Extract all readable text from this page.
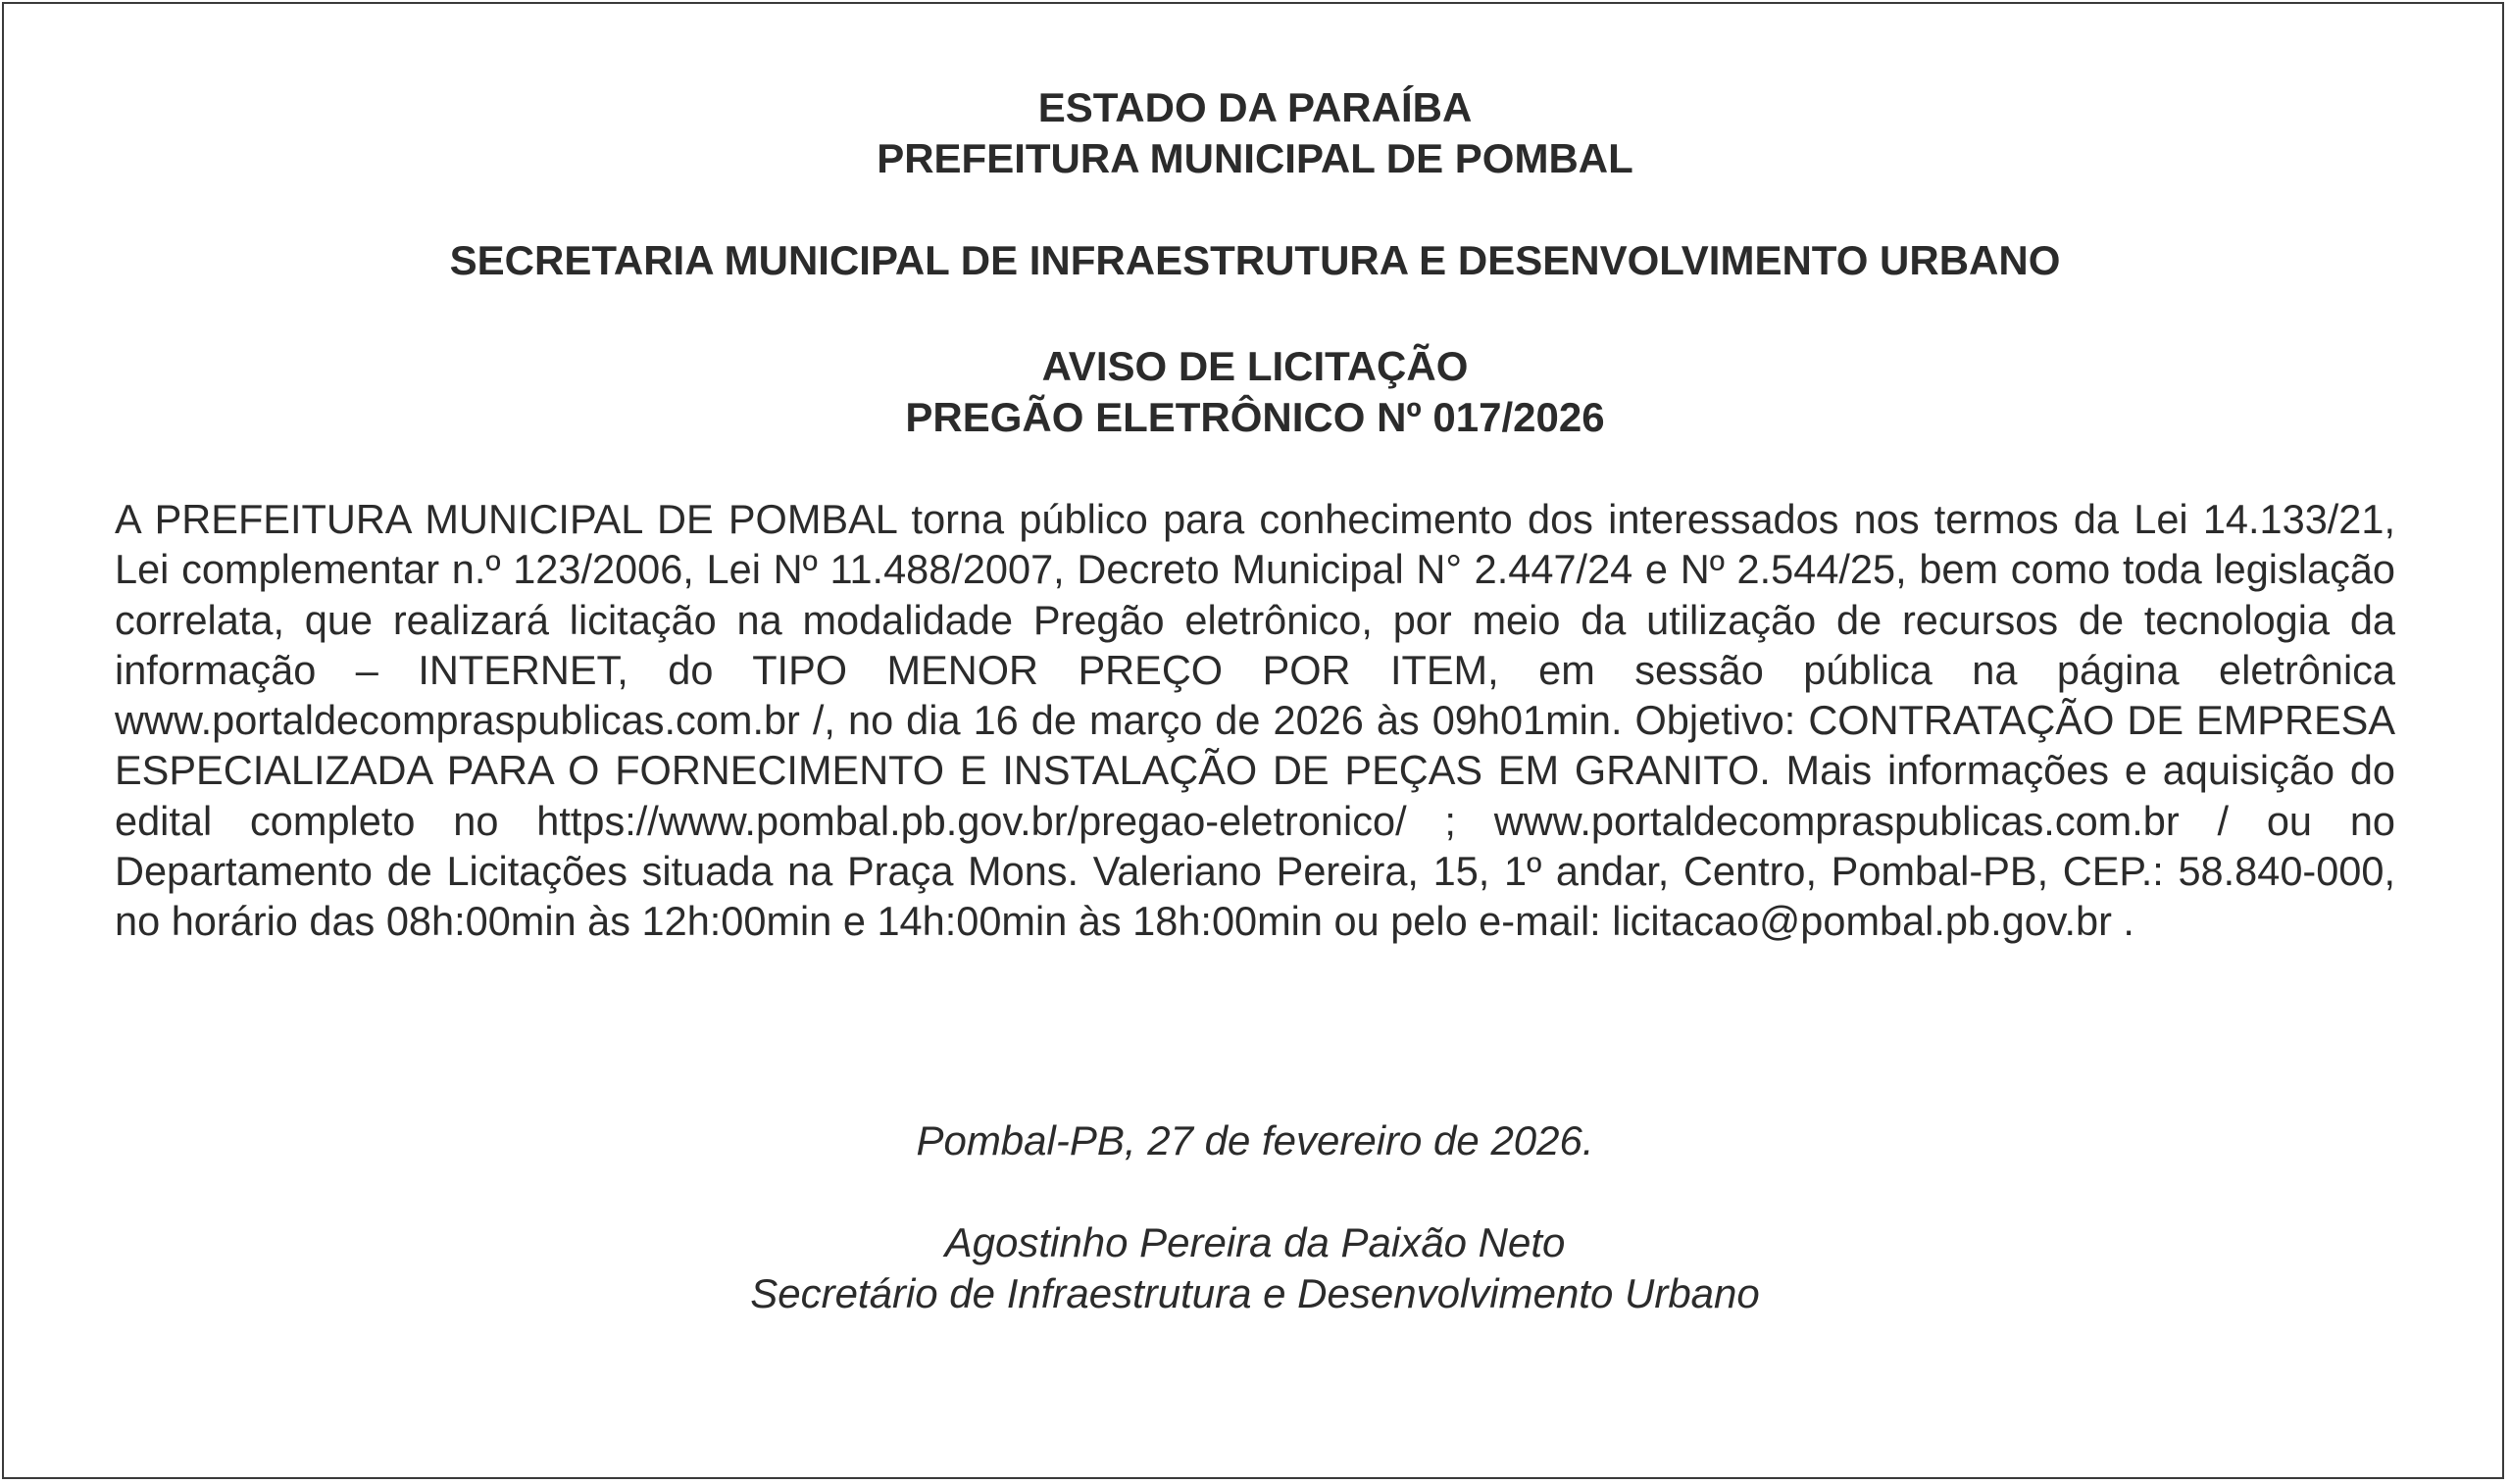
ESTADO DA PARAÍBA
PREFEITURA MUNICIPAL DE POMBAL
SECRETARIA MUNICIPAL DE INFRAESTRUTURA E DESENVOLVIMENTO URBANO
AVISO DE LICITAÇÃO
PREGÃO ELETRÔNICO Nº 017/2026

A PREFEITURA MUNICIPAL DE POMBAL torna público para conhecimento dos interessados nos termos da Lei 14.133/21, Lei complementar n.º 123/2006, Lei Nº 11.488/2007, Decreto Municipal N° 2.447/24 e Nº 2.544/25, bem como toda legislação correlata, que realizará licitação na modalidade Pregão eletrônico, por meio da utilização de recursos de tecnologia da informação – INTERNET, do TIPO MENOR PREÇO POR ITEM, em sessão pública na página eletrônica www.portaldecompraspublicas.com.br /, no dia 16 de março de 2026 às 09h01min. Objetivo: CONTRATAÇÃO DE EMPRESA ESPECIALIZADA PARA O FORNECIMENTO E INSTALAÇÃO DE PEÇAS EM GRANITO. Mais informações e aquisição do edital completo no https://www.pombal.pb.gov.br/pregao-eletronico/ ; www.portaldecompraspublicas.com.br / ou no Departamento de Licitações situada na Praça Mons. Valeriano Pereira, 15, 1º andar, Centro, Pombal-PB, CEP.: 58.840-000, no horário das 08h:00min às 12h:00min e 14h:00min às 18h:00min ou pelo e-mail: licitacao@pombal.pb.gov.br .

Pombal-PB, 27 de fevereiro de 2026.

Agostinho Pereira da Paixão Neto

Secretário de Infraestrutura e Desenvolvimento Urbano
